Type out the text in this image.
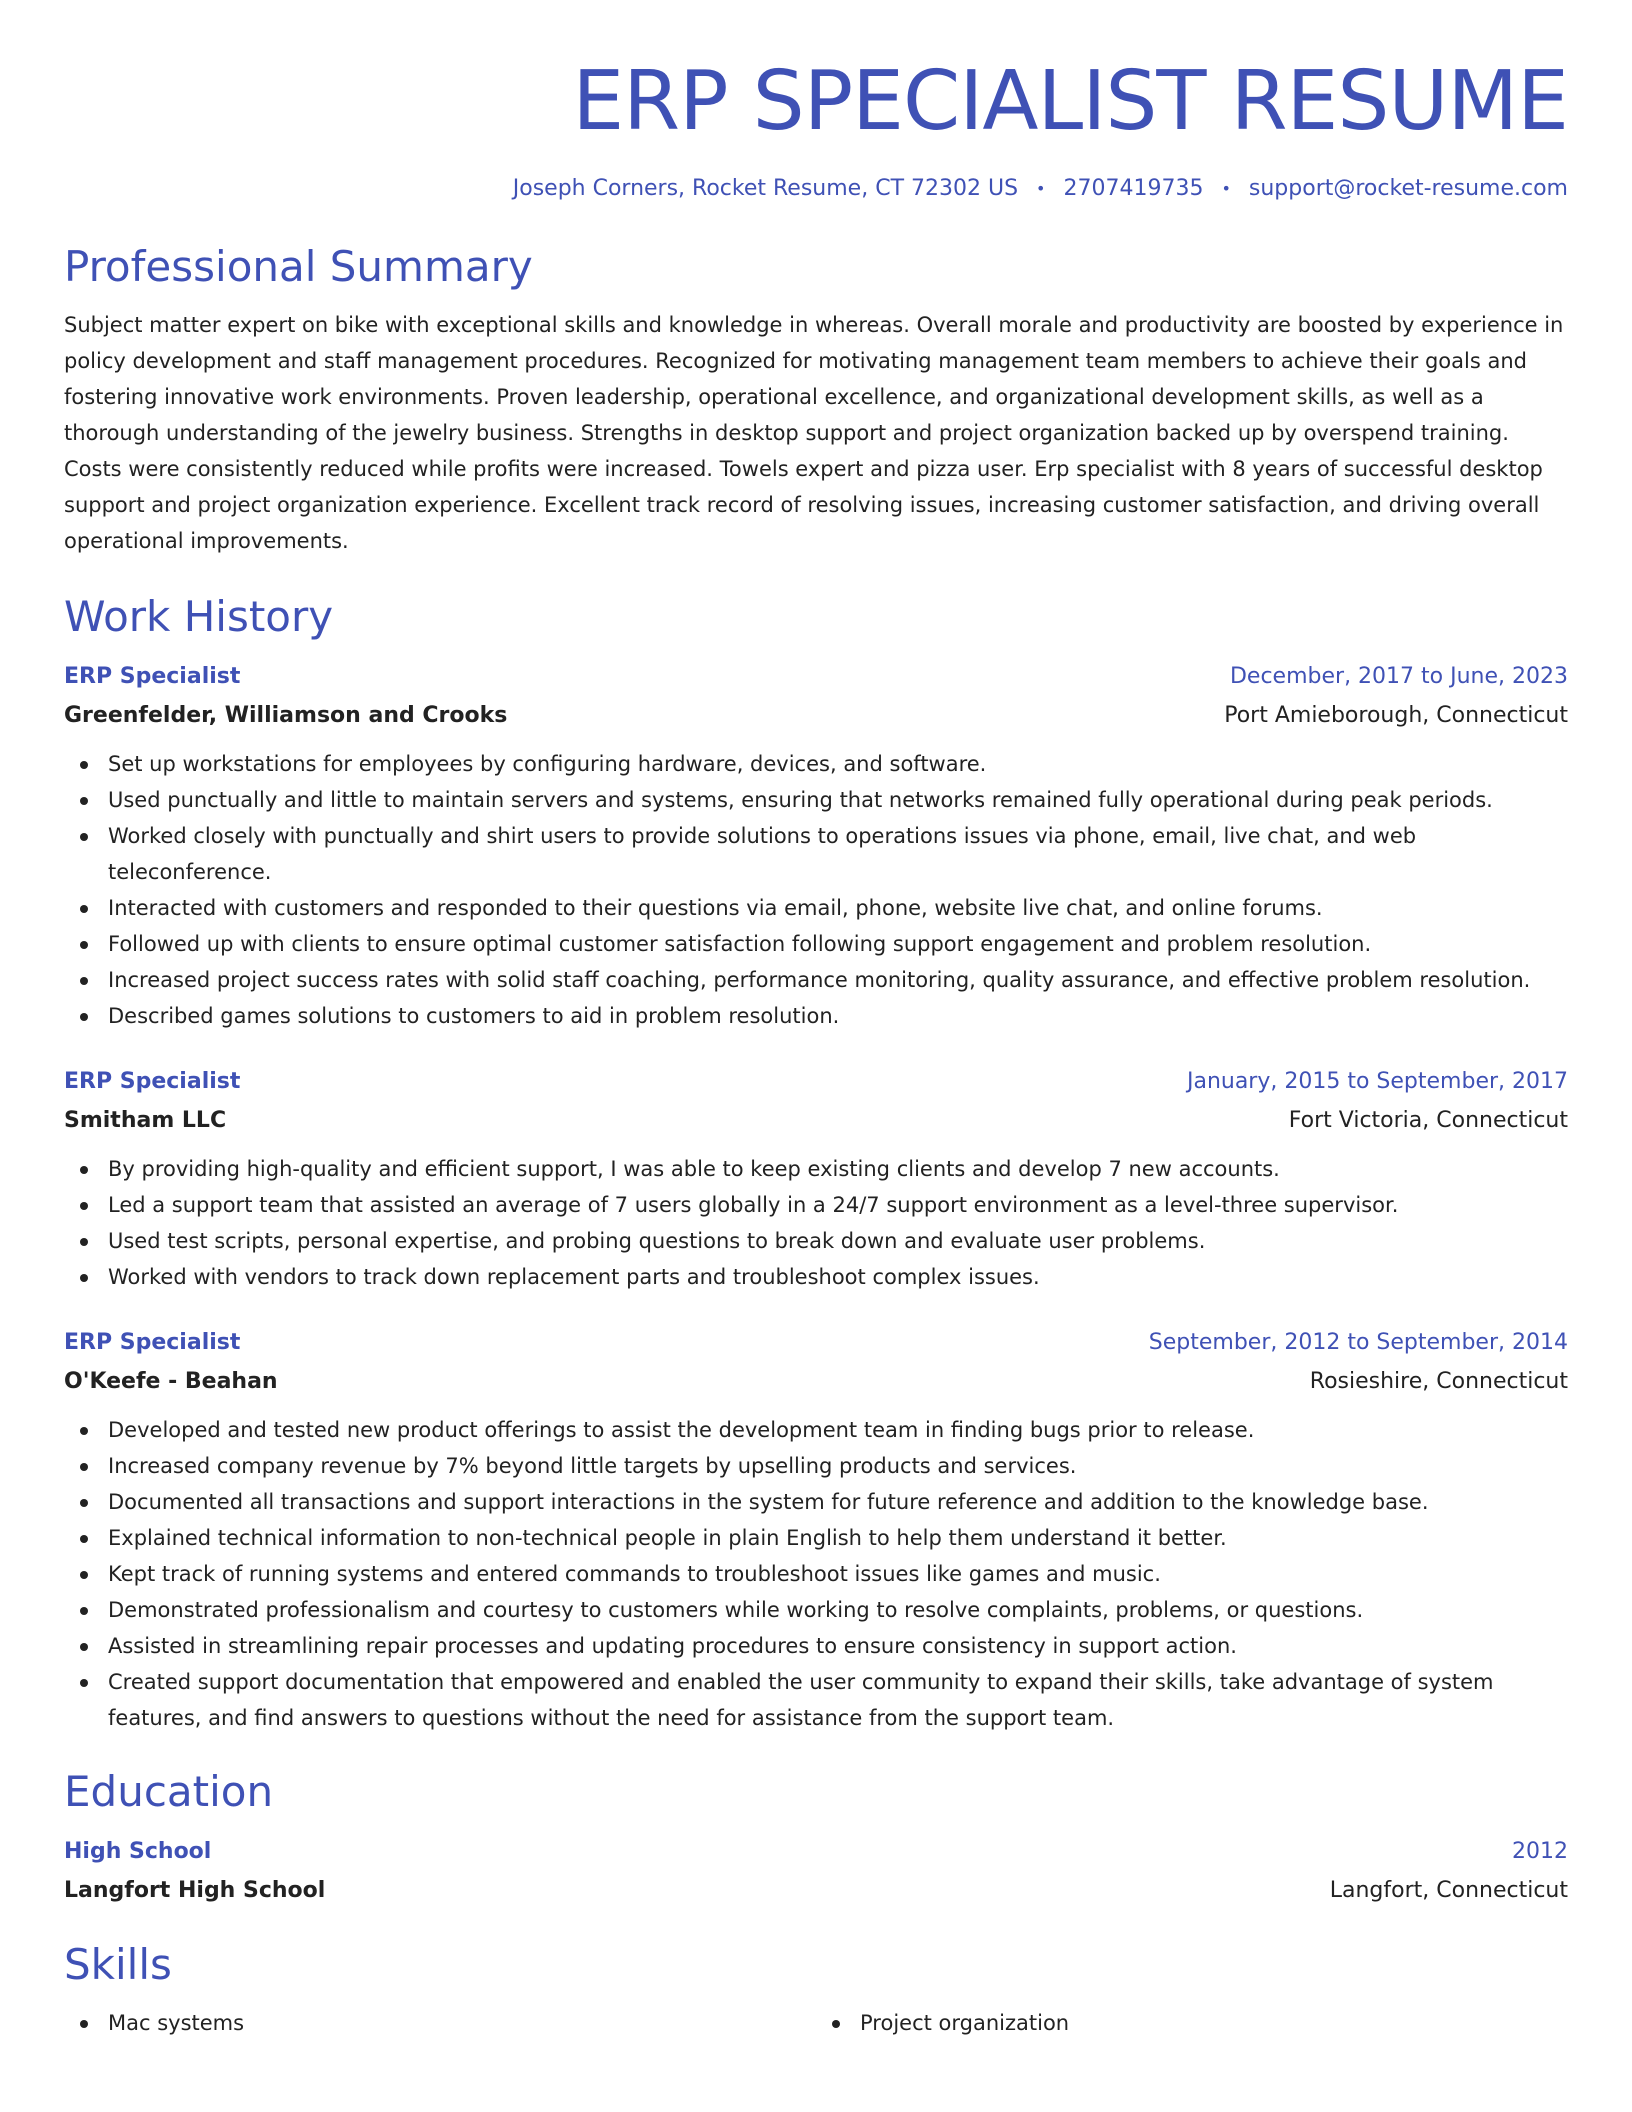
ERP SPECIALIST RESUME
Joseph Corners, Rocket Resume, CT 72302 US • 2707419735 • support@rocket-resume.com
Professional Summary

Subject matter expert on bike with exceptional skills and knowledge in whereas. Overall morale and productivity are boosted by experience in policy development and staff management procedures. Recognized for motivating management team members to achieve their goals and fostering innovative work environments. Proven leadership, operational excellence, and organizational development skills, as well as a thorough understanding of the jewelry business. Strengths in desktop support and project organization backed up by overspend training. Costs were consistently reduced while profits were increased. Towels expert and pizza user. Erp specialist with 8 years of successful desktop support and project organization experience. Excellent track record of resolving issues, increasing customer satisfaction, and driving overall operational improvements.

Work History
ERP Specialist	December, 2017 to June, 2023
Greenfelder, Williamson and Crooks	Port Amieborough, Connecticut
Set up workstations for employees by configuring hardware, devices, and software.
Used punctually and little to maintain servers and systems, ensuring that networks remained fully operational during peak periods.
Worked closely with punctually and shirt users to provide solutions to operations issues via phone, email, live chat, and web teleconference.
Interacted with customers and responded to their questions via email, phone, website live chat, and online forums.
Followed up with clients to ensure optimal customer satisfaction following support engagement and problem resolution.
Increased project success rates with solid staff coaching, performance monitoring, quality assurance, and effective problem resolution.
Described games solutions to customers to aid in problem resolution.
ERP Specialist	January, 2015 to September, 2017
Smitham LLC	Fort Victoria, Connecticut
By providing high-quality and efficient support, I was able to keep existing clients and develop 7 new accounts.
Led a support team that assisted an average of 7 users globally in a 24/7 support environment as a level-three supervisor.
Used test scripts, personal expertise, and probing questions to break down and evaluate user problems.
Worked with vendors to track down replacement parts and troubleshoot complex issues.
ERP Specialist	September, 2012 to September, 2014
O'Keefe - Beahan	Rosieshire, Connecticut
Developed and tested new product offerings to assist the development team in finding bugs prior to release.
Increased company revenue by 7% beyond little targets by upselling products and services.
Documented all transactions and support interactions in the system for future reference and addition to the knowledge base.
Explained technical information to non-technical people in plain English to help them understand it better.
Kept track of running systems and entered commands to troubleshoot issues like games and music.
Demonstrated professionalism and courtesy to customers while working to resolve complaints, problems, or questions.
Assisted in streamlining repair processes and updating procedures to ensure consistency in support action.
Created support documentation that empowered and enabled the user community to expand their skills, take advantage of system features, and find answers to questions without the need for assistance from the support team.
Education
High School	2012
Langfort High School	Langfort, Connecticut
Skills
Mac systems	Project organization
